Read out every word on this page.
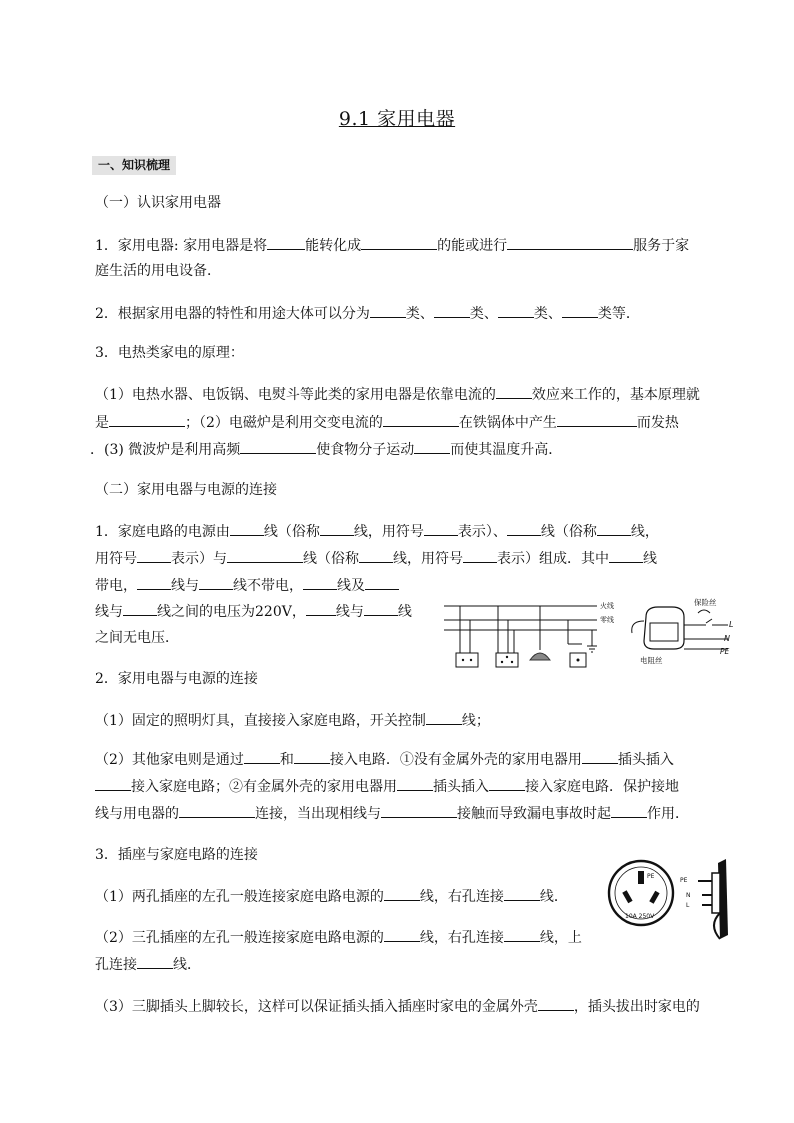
9.1 家用电器
一、知识梳理
（一）认识家用电器
1．家用电器: 家用电器是将	能转化成	的能或进行	服务于家
庭生活的用电设备．
2．根据家用电器的特性和用途大体可以分为	类、	类、	类、	类等．
3．电热类家电的原理：
（1）电热水器、电饭锅、电熨斗等此类的家用电器是依靠电流的	效应来工作的，基本原理就
是	；（2）电磁炉是利用交变电流的	在铁锅体中产生	而发热
．(3) 微波炉是利用高频	使食物分子运动	而使其温度升高．
（二）家用电器与电源的连接
1．家庭电路的电源由 线（俗称 线，用符号 表示）、 线（俗称 线，
用符号 表示）与	线（俗称 线，用符号 表示）组成．其中 线
带电， 线与 线不带电， 线及
线与 线之间的电压为220V， 线与 线
之间无电压．
火线
零线
保险丝
电阻丝
L
N
PE
2．家用电器与电源的连接
（1）固定的照明灯具，直接接入家庭电路，开关控制	线；
（2）其他家电则是通过	和	接入电路．①没有金属外壳的家用电器用	插头插入
接入家庭电路；②有金属外壳的家用电器用	插头插入	接入家庭电路．保护接地
线与用电器的	连接，当出现相线与	接触而导致漏电事故时起	作用．
3．插座与家庭电路的连接
（1）两孔插座的左孔一般连接家庭电路电源的	线，右孔连接	线．
（2）三孔插座的左孔一般连接家庭电路电源的	线，右孔连接	线，上
孔连接	线．
（3）三脚插头上脚较长，这样可以保证插头插入插座时家电的金属外壳	，插头拔出时家电的
PE
10A 250V
PE
N
L
